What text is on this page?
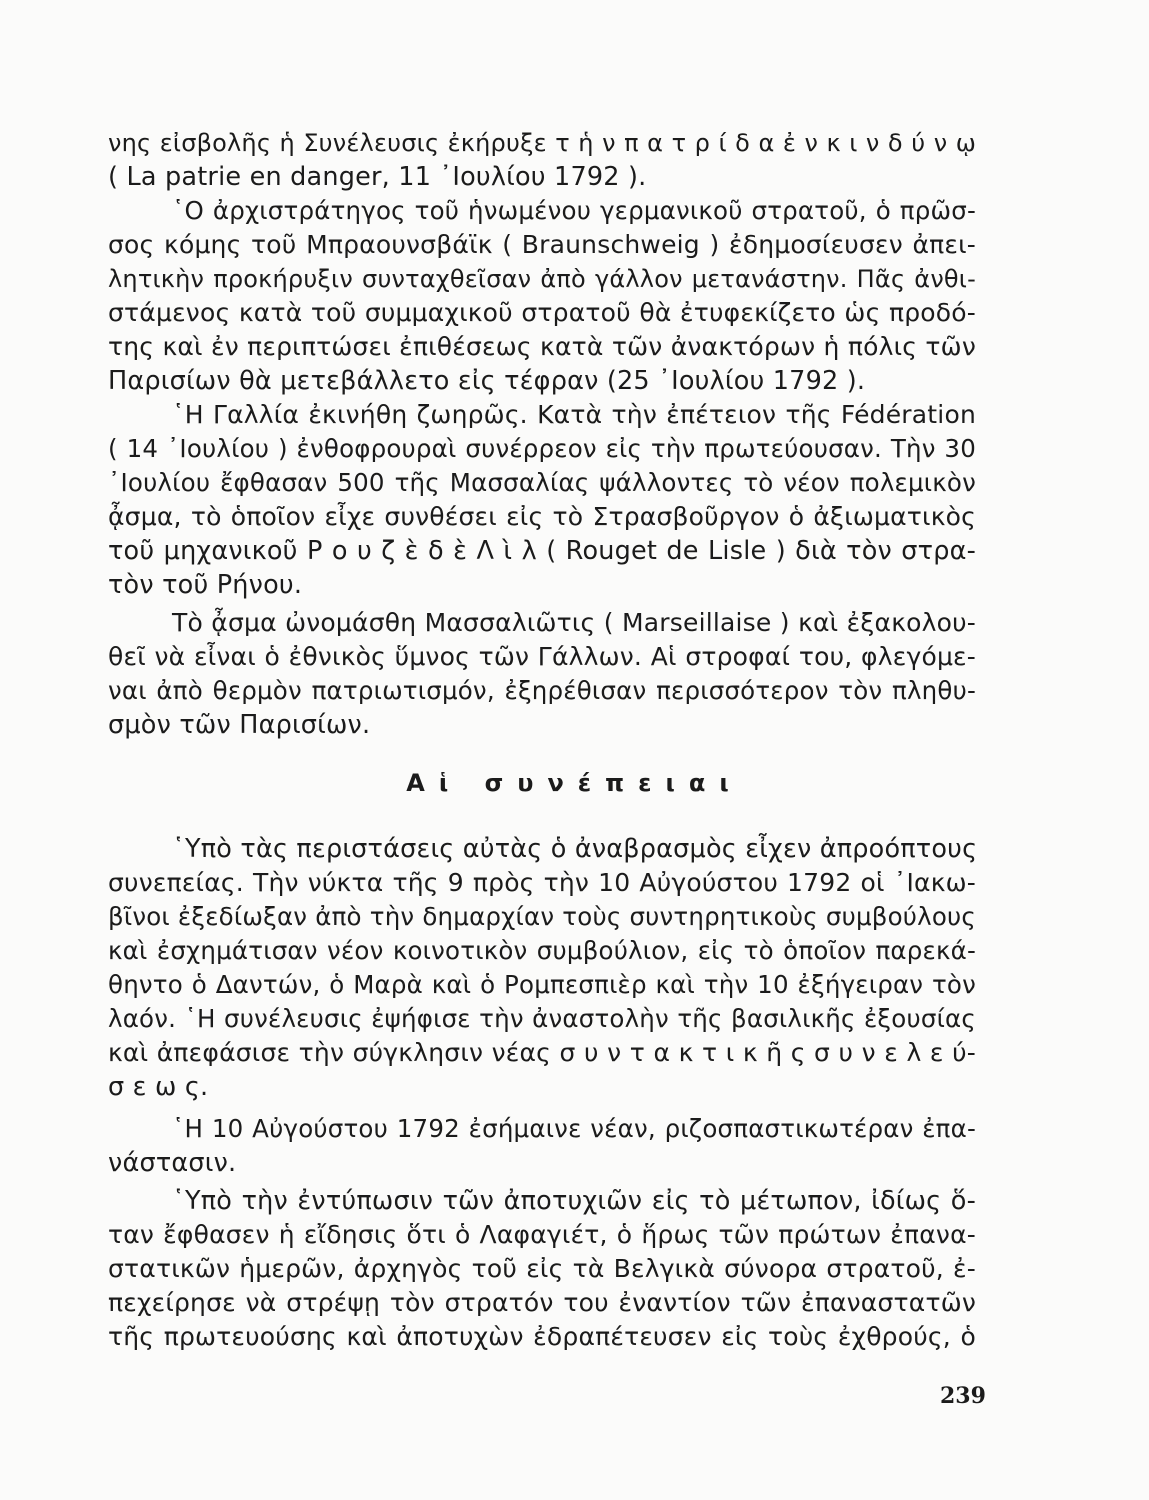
νης εἰσβολῆς ἡ Συνέλευσις ἐκήρυξε τ ἡ ν π α τ ρ ί δ α ἐ ν κ ι ν δ ύ ν ῳ
( La patrie en danger, 11 ᾿Ιουλίου 1792 ).
῾Ο ἀρχιστράτηγος τοῦ ἡνωμένου γερμανικοῦ στρατοῦ, ὁ πρῶσ-
σος κόμης τοῦ Μπραουνσβάϊκ ( Braunschweig ) ἐδημοσίευσεν ἀπει-
λητικὴν προκήρυξιν συνταχθεῖσαν ἀπὸ γάλλον μετανάστην. Πᾶς ἀνθι-
στάμενος κατὰ τοῦ συμμαχικοῦ στρατοῦ θὰ ἐτυφεκίζετο ὡς προδό-
της καὶ ἐν περιπτώσει ἐπιθέσεως κατὰ τῶν ἀνακτόρων ἡ πόλις τῶν
Παρισίων θὰ μετεβάλλετο εἰς τέφραν (25 ᾿Ιουλίου 1792 ).
῾Η Γαλλία ἐκινήθη ζωηρῶς. Κατὰ τὴν ἐπέτειον τῆς Fédération
( 14 ᾿Ιουλίου ) ἐνθοφρουραὶ συνέρρεον εἰς τὴν πρωτεύουσαν. Τὴν 30
᾿Ιουλίου ἔφθασαν 500 τῆς Μασσαλίας ψάλλοντες τὸ νέον πολεμικὸν
ᾆσμα, τὸ ὁποῖον εἶχε συνθέσει εἰς τὸ Στρασβοῦργον ὁ ἀξιωματικὸς
τοῦ μηχανικοῦ Ρ ο υ ζ ὲ δ ὲ Λ ὶ λ ( Rouget de Lisle ) διὰ τὸν στρα-
τὸν τοῦ Ρήνου.
Τὸ ᾆσμα ὠνομάσθη Μασσαλιῶτις ( Marseillaise ) καὶ ἐξακολου-
θεῖ νὰ εἶναι ὁ ἐθνικὸς ὕμνος τῶν Γάλλων. Αἱ στροφαί του, φλεγόμε-
ναι ἀπὸ θερμὸν πατριωτισμόν, ἐξηρέθισαν περισσότερον τὸν πληθυ-
σμὸν τῶν Παρισίων.
Αἱ συνέπειαι
῾Υπὸ τὰς περιστάσεις αὐτὰς ὁ ἀναβρασμὸς εἶχεν ἀπροόπτους
συνεπείας. Τὴν νύκτα τῆς 9 πρὸς τὴν 10 Αὐγούστου 1792 οἱ ᾿Ιακω-
βῖνοι ἐξεδίωξαν ἀπὸ τὴν δημαρχίαν τοὺς συντηρητικοὺς συμβούλους
καὶ ἐσχημάτισαν νέον κοινοτικὸν συμβούλιον, εἰς τὸ ὁποῖον παρεκά-
θηντο ὁ Δαντών, ὁ Μαρὰ καὶ ὁ Ρομπεσπιὲρ καὶ τὴν 10 ἐξήγειραν τὸν
λαόν. ῾Η συνέλευσις ἐψήφισε τὴν ἀναστολὴν τῆς βασιλικῆς ἐξουσίας
καὶ ἀπεφάσισε τὴν σύγκλησιν νέας σ υ ν τ α κ τ ι κ ῆ ς σ υ ν ε λ ε ύ-
σ ε ω ς.
῾Η 10 Αὐγούστου 1792 ἐσήμαινε νέαν, ριζοσπαστικωτέραν ἐπα-
νάστασιν.
῾Υπὸ τὴν ἐντύπωσιν τῶν ἀποτυχιῶν εἰς τὸ μέτωπον, ἰδίως ὅ-
ταν ἔφθασεν ἡ εἴδησις ὅτι ὁ Λαφαγιέτ, ὁ ἥρως τῶν πρώτων ἐπανα-
στατικῶν ἡμερῶν, ἀρχηγὸς τοῦ εἰς τὰ Βελγικὰ σύνορα στρατοῦ, ἐ-
πεχείρησε νὰ στρέψῃ τὸν στρατόν του ἐναντίον τῶν ἐπαναστατῶν
τῆς πρωτευούσης καὶ ἀποτυχὼν ἐδραπέτευσεν εἰς τοὺς ἐχθρούς, ὁ
239
